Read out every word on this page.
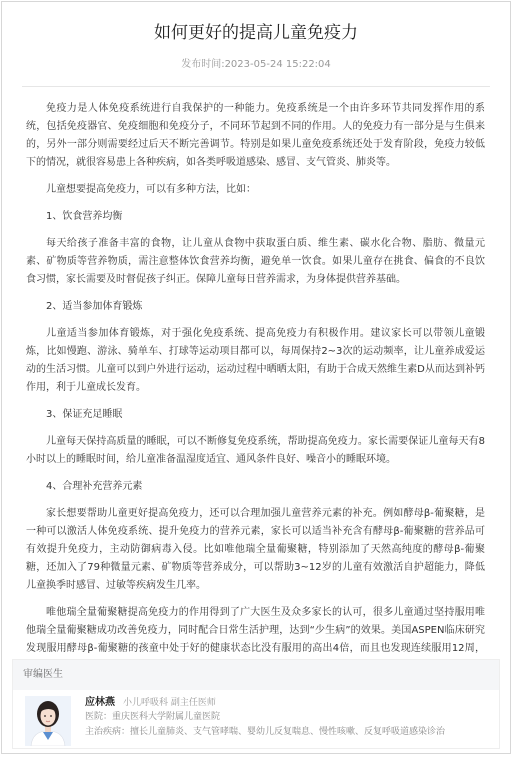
如何更好的提高儿童免疫力
发布时间:2023-05-24 15:22:04

免疫力是人体免疫系统进行自我保护的一种能力。免疫系统是一个由许多环节共同发挥作用的系统，包括免疫器官、免疫细胞和免疫分子，不同环节起到不同的作用。人的免疫力有一部分是与生俱来的，另外一部分则需要经过后天不断完善调节。特别是如果儿童免疫系统还处于发育阶段，免疫力较低下的情况，就很容易患上各种疾病，如各类呼吸道感染、感冒、支气管炎、肺炎等。

儿童想要提高免疫力，可以有多种方法，比如：

1、饮食营养均衡

每天给孩子准备丰富的食物，让儿童从食物中获取蛋白质、维生素、碳水化合物、脂肪、微量元素、矿物质等营养物质，需注意整体饮食营养均衡，避免单一饮食。如果儿童存在挑食、偏食的不良饮食习惯，家长需要及时督促孩子纠正。保障儿童每日营养需求，为身体提供营养基础。

2、适当参加体育锻炼

儿童适当参加体育锻炼，对于强化免疫系统、提高免疫力有积极作用。建议家长可以带领儿童锻炼，比如慢跑、游泳、骑单车、打球等运动项目都可以，每周保持2~3次的运动频率，让儿童养成爱运动的生活习惯。儿童可以到户外进行运动，运动过程中晒晒太阳，有助于合成天然维生素D从而达到补钙作用，利于儿童成长发育。

3、保证充足睡眠

儿童每天保持高质量的睡眠，可以不断修复免疫系统，帮助提高免疫力。家长需要保证儿童每天有8小时以上的睡眠时间，给儿童准备温湿度适宜、通风条件良好、噪音小的睡眠环境。

4、合理补充营养元素

家长想要帮助儿童更好提高免疫力，还可以合理加强儿童营养元素的补充。例如酵母β-葡聚糖，是一种可以激活人体免疫系统、提升免疫力的营养元素，家长可以适当补充含有酵母β-葡聚糖的营养品可有效提升免疫力，主动防御病毒入侵。比如唯他瑞全量葡聚糖，特别添加了天然高纯度的酵母β-葡聚糖，还加入了79种微量元素、矿物质等营养成分，可以帮助3~12岁的儿童有效激活自护超能力，降低儿童换季时感冒、过敏等疾病发生几率。

唯他瑞全量葡聚糖提高免疫力的作用得到了广大医生及众多家长的认可，很多儿童通过坚持服用唯他瑞全量葡聚糖成功改善免疫力，同时配合日常生活护理，达到“少生病”的效果。美国ASPEN临床研究发现服用酵母β-葡聚糖的孩童中处于好的健康状态比没有服用的高出4倍，而且也发现连续服用12周，

审编医生
应林燕 小儿呼吸科 副主任医师
医院：重庆医科大学附属儿童医院
主治疾病：擅长儿童肺炎、支气管哮喘、婴幼儿反复喘息、慢性咳嗽、反复呼吸道感染诊治
